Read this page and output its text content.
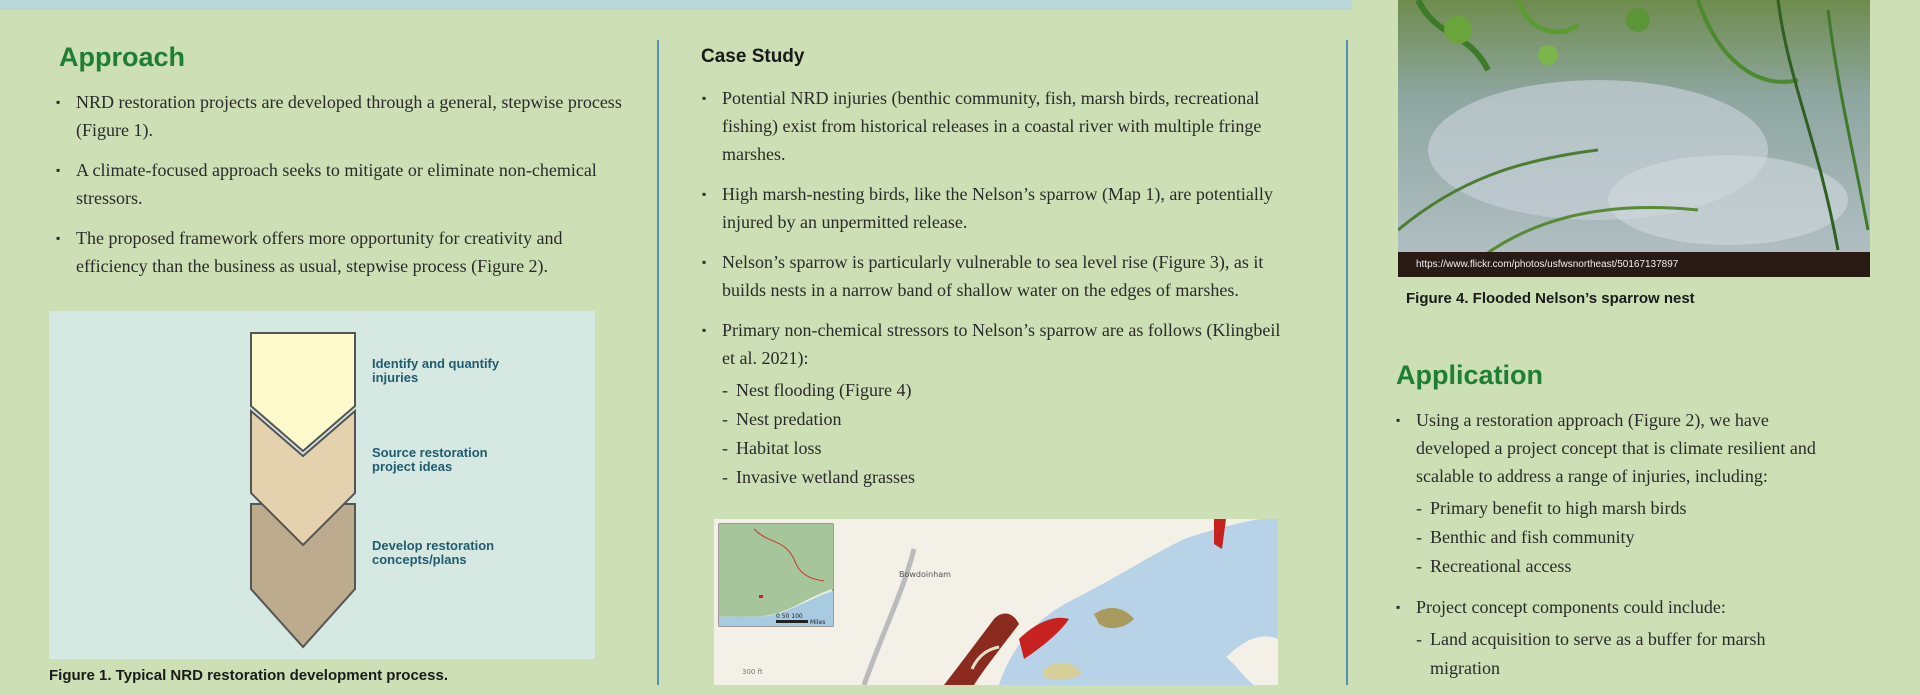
Approach
▪ NRD restoration projects are developed through a general, stepwise process (Figure 1).
▪ A climate-focused approach seeks to mitigate or eliminate non-chemical stressors.
▪ The proposed framework offers more opportunity for creativity and efficiency than the business as usual, stepwise process (Figure 2).
Identify and quantify injuries
Source restoration project ideas
Develop restoration concepts/plans

Figure 1. Typical NRD restoration development process.

Case Study
▪ Potential NRD injuries (benthic community, fish, marsh birds, recreational fishing) exist from historical releases in a coastal river with multiple fringe marshes.
▪ High marsh-nesting birds, like the Nelson’s sparrow (Map 1), are potentially injured by an unpermitted release.
▪ Nelson’s sparrow is particularly vulnerable to sea level rise (Figure 3), as it builds nests in a narrow band of shallow water on the edges of marshes.
▪ Primary non-chemical stressors to Nelson’s sparrow are as follows (Klingbeil et al. 2021):
- Nest flooding (Figure 4)
- Nest predation
- Habitat loss
- Invasive wetland grasses
Bowdoinham
300 ft
0 50 100
Miles
https://www.flickr.com/photos/usfwsnortheast/50167137897

Figure 4. Flooded Nelson’s sparrow nest

Application
▪ Using a restoration approach (Figure 2), we have developed a project concept that is climate resilient and scalable to address a range of injuries, including:
- Primary benefit to high marsh birds
- Benthic and fish community
- Recreational access
▪ Project concept components could include:
- Land acquisition to serve as a buffer for marsh migration
